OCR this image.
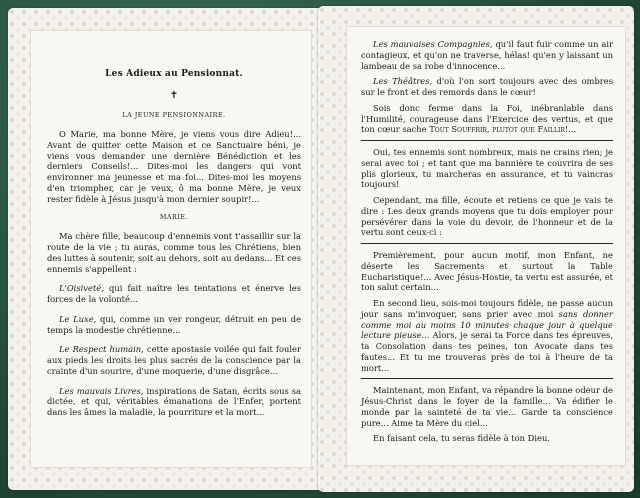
Les Adieux au Pensionnat.
✝
LA JEUNE PENSIONNAIRE.

O Marie, ma bonne Mère, je viens vous dire Adieu!... Avant de quitter cette Maison et ce Sanctuaire béni, je viens vous demander une dernière Bénédiction et les derniers Conseils!... Dites-moi les dangers qui vont environner ma jeunesse et ma foi... Dites-moi les moyens d'en triompher, car je veux, ô ma bonne Mère, je veux rester fidèle à Jésus jusqu'à mon dernier soupir!...

MARIE.

Ma chère fille, beaucoup d'ennemis vont t'assaillir sur la route de la vie ; tu auras, comme tous les Chrétiens, bien des luttes à soutenir, soit au dehors, soit au dedans... Et ces ennemis s'appellent :

L'Oisiveté, qui fait naître les tentations et énerve les forces de la volonté...

Le Luxe, qui, comme un ver rongeur, détruit en peu de temps la modestie chrétienne...

Le Respect humain, cette apostasie voilée qui fait fouler aux pieds les droits les plus sacrés de la conscience par la crainte d'un sourire, d'une moquerie, d'une disgrâce...

Les mauvais Livres, inspirations de Satan, écrits sous sa dictée, et qui, véritables émanations de l'Enfer, portent dans les âmes la maladie, la pourriture et la mort...

Les mauvaises Compagnies, qu'il faut fuir comme un air contagieux, et qu'on ne traverse, hélas! qu'en y laissant un lambeau de sa robe d'innocence...

Les Théâtres, d'où l'on sort toujours avec des ombres sur le front et des remords dans le cœur!

Sois donc ferme dans la Foi, inébranlable dans l'Humilité, courageuse dans l'Exercice des vertus, et que ton cœur sache Tout Souffrir, plutot que Faillir!...

Oui, tes ennemis sont nombreux, mais ne crains rien; je serai avec toi ; et tant que ma bannière te couvrira de ses plis glorieux, tu marcheras en assurance, et tu vaincras toujours!

Cependant, ma fille, écoute et retiens ce que je vais te dire : Les deux grands moyens que tu dois employer pour persévérer dans la voie du devoir, de l'honneur et de la vertu sont ceux-ci :

Premièrement, pour aucun motif, mon Enfant, ne déserte les Sacrements et surtout la Table Eucharistique!... Avec Jésus-Hostie, ta vertu est assurée, et ton salut certain...

En second lieu, sois-moi toujours fidèle, ne passe aucun jour sans m'invoquer, sans prier avec moi sans donner comme moi au moins 10 minutes chaque jour à quelque lecture pieuse... Alors, je serai ta Force dans tes épreuves, ta Consolation dans tes peines, ton Avocate dans tes fautes... Et tu me trouveras près de toi à l'heure de ta mort...

Maintenant, mon Enfant, va répandre la bonne odeur de Jésus-Christ dans le foyer de la famille... Va édifier le monde par la sainteté de ta vie... Garde ta conscience pure... Aime ta Mère du ciel...

En faisant cela, tu seras fidèle à ton Dieu.
